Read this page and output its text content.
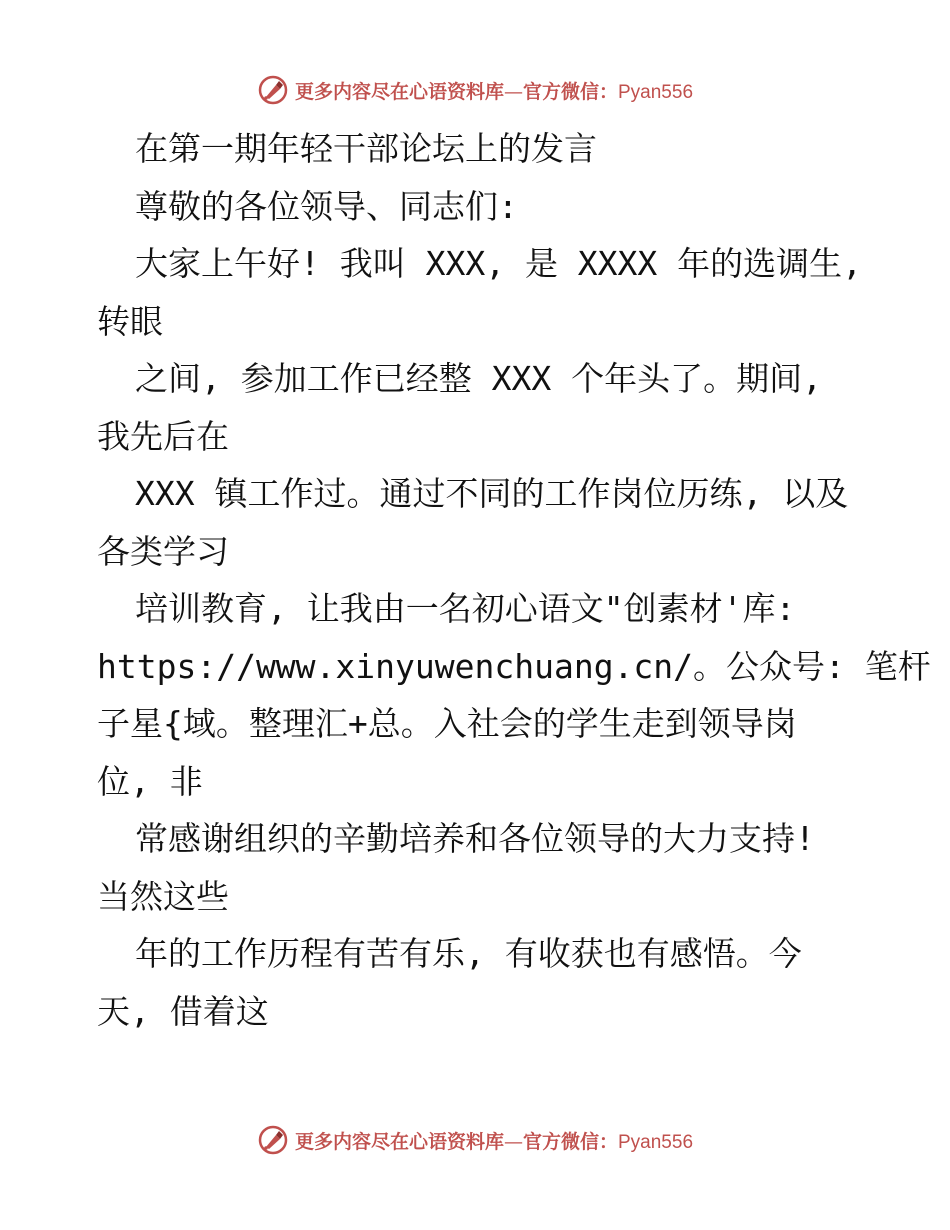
更多内容尽在心语资料库—官方微信：Pyan556
在第一期年轻干部论坛上的发言
尊敬的各位领导、同志们:
大家上午好! 我叫 XXX, 是 XXXX 年的选调生,
转眼
之间, 参加工作已经整 XXX 个年头了。期间,
我先后在
XXX 镇工作过。通过不同的工作岗位历练, 以及
各类学习
培训教育, 让我由一名初心语文"创素材'库:
https://www.xinyuwenchuang.cn/。公众号: 笔杆
子星{域。整理汇+总。入社会的学生走到领导岗
位, 非
常感谢组织的辛勤培养和各位领导的大力支持!
当然这些
年的工作历程有苦有乐, 有收获也有感悟。今
天, 借着这
更多内容尽在心语资料库—官方微信：Pyan556
